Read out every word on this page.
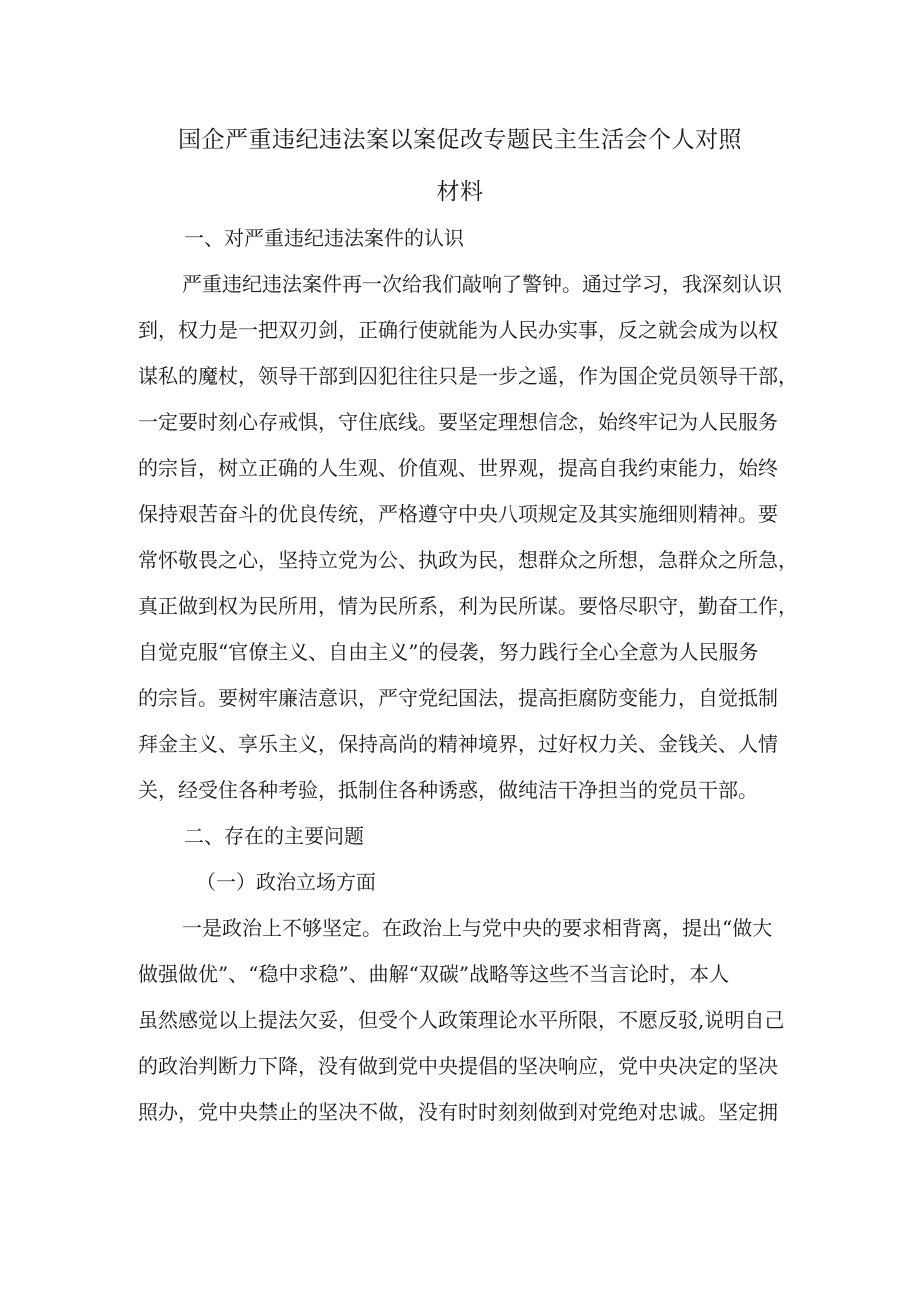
国企严重违纪违法案以案促改专题民主生活会个人对照
材料

一、对严重违纪违法案件的认识

严重违纪违法案件再一次给我们敲响了警钟。通过学习，我深刻认识

到，权力是一把双刃剑，正确行使就能为人民办实事，反之就会成为以权

谋私的魔杖，领导干部到囚犯往往只是一步之遥，作为国企党员领导干部，

一定要时刻心存戒惧，守住底线。要坚定理想信念，始终牢记为人民服务

的宗旨，树立正确的人生观、价值观、世界观，提高自我约束能力，始终

保持艰苦奋斗的优良传统，严格遵守中央八项规定及其实施细则精神。要

常怀敬畏之心，坚持立党为公、执政为民，想群众之所想，急群众之所急，

真正做到权为民所用，情为民所系，利为民所谋。要恪尽职守，勤奋工作，

自觉克服“官僚主义、自由主义”的侵袭，努力践行全心全意为人民服务

的宗旨。要树牢廉洁意识，严守党纪国法，提高拒腐防变能力，自觉抵制

拜金主义、享乐主义，保持高尚的精神境界，过好权力关、金钱关、人情

关，经受住各种考验，抵制住各种诱惑，做纯洁干净担当的党员干部。

二、存在的主要问题

（一）政治立场方面

一是政治上不够坚定。在政治上与党中央的要求相背离，提出“做大

做强做优”、“稳中求稳”、曲解“双碳”战略等这些不当言论时，本人

虽然感觉以上提法欠妥，但受个人政策理论水平所限，不愿反驳,说明自己

的政治判断力下降，没有做到党中央提倡的坚决响应，党中央决定的坚决

照办，党中央禁止的坚决不做，没有时时刻刻做到对党绝对忠诚。坚定拥
